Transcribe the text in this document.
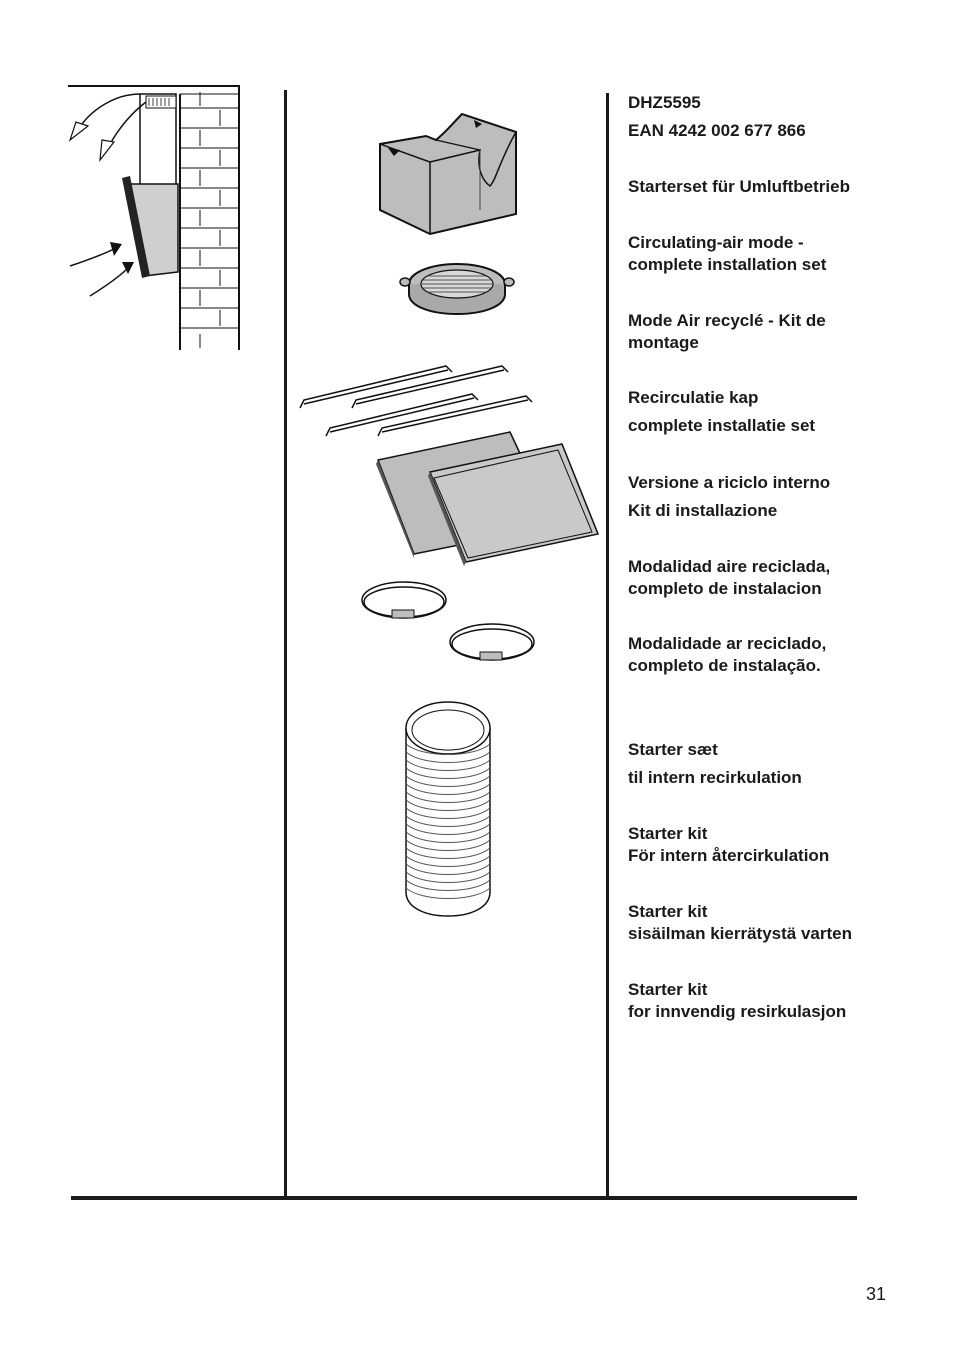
DHZ5595
EAN 4242 002 677 866
Starterset für Umluftbetrieb
Circulating-air mode -
complete installation set
Mode Air recyclé - Kit de
montage
Recirculatie kap
complete installatie set
Versione a riciclo interno
Kit di installazione
Modalidad aire reciclada,
completo de instalacion
Modalidade ar reciclado,
completo de instalação.
Starter sæt
til intern recirkulation
Starter kit
För intern återcirkulation
Starter kit
sisäilman kierrätystä varten
Starter kit
for innvendig resirkulasjon
31
